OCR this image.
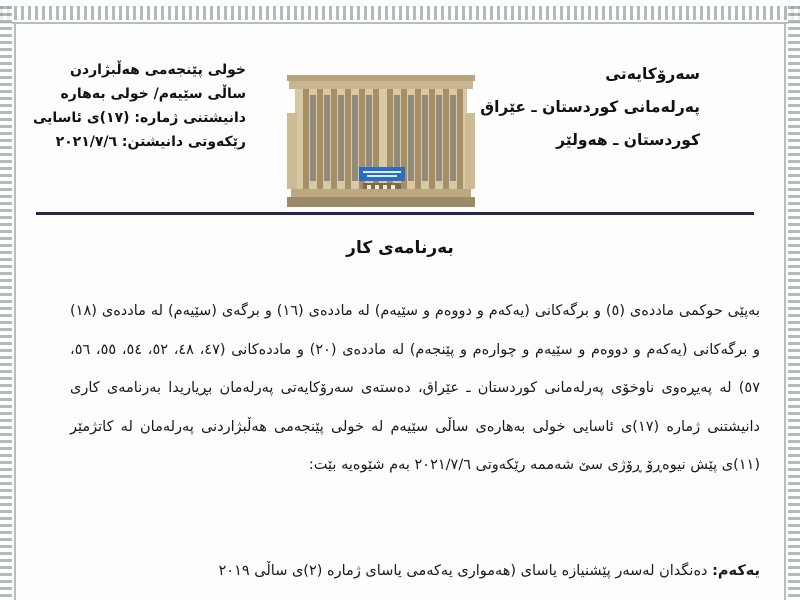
سەرۆکایەتی
پەرلەمانی کوردستان ـ عێراق
کوردستان ـ هەولێر
خولی پێنجەمی هەڵبژاردن
ساڵی سێیەم/ خولی بەهارە
دانیشتنی ژمارە: (١٧)ی ئاسایی
رێکەوتی دانیشتن: ٢٠٢١/٧/٦
بەرنامەی کار

بەپێی حوکمی ماددەی (٥) و برگەکانی (یەکەم و دووەم و سێیەم) لە ماددەی (١٦) و برگەی (سێیەم) لە ماددەی (١٨) و برگەکانی (یەکەم و دووەم و سێیەم و چوارەم و پێنجەم) لە ماددەی (٢٠) و ماددەکانی (٤٧، ٤٨، ٥٢، ٥٤، ٥٥، ٥٦، ٥٧) لە پەیڕەوی ناوخۆی پەرلەمانی کوردستان ـ عێراق، دەستەی سەرۆکایەتی پەرلەمان بڕیاریدا بەرنامەی کاری دانیشتنی ژمارە (١٧)ی ئاسایی خولی بەهارەی ساڵی سێیەم لە خولی پێنجەمی هەڵبژاردنی پەرلەمان لە کاتژمێر (١١)ی پێش نیوەڕۆ ڕۆژی سێ شەممە رێکەوتی ٢٠٢١/٧/٦ بەم شێوەیە بێت:

یەکەم: دەنگدان لەسەر پێشنیازە یاسای (هەمواری یەکەمی یاسای ژمارە (٢)ی ساڵی ٢٠١٩
